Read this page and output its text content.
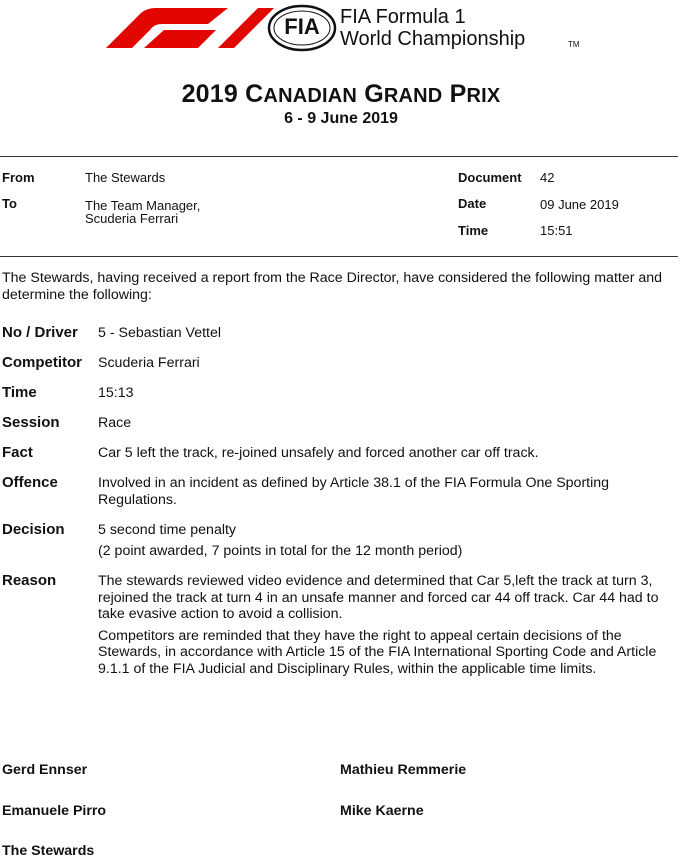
FIA	FIA Formula 1
World Championship	TM
2019 CANADIAN GRAND PRIX
6 - 9 June 2019
From	The Stewards
To	The Team Manager,
Scuderia Ferrari
Document 42
Date	09 June 2019
Time	15:51
The Stewards, having received a report from the Race Director, have considered the following matter and determine the following:
No / Driver 5 - Sebastian Vettel

Competitor Scuderia Ferrari

Time	15:13

Session	Race

Fact	Car 5 left the track, re-joined unsafely and forced another car off track.

Offence	Involved in an incident as defined by Article 38.1 of the FIA Formula One Sporting Regulations.

Decision 5 second time penalty

(2 point awarded, 7 points in total for the 12 month period)

Reason	The stewards reviewed video evidence and determined that Car 5,left the track at turn 3, rejoined the track at turn 4 in an unsafe manner and forced car 44 off track. Car 44 had to take evasive action to avoid a collision.

Competitors are reminded that they have the right to appeal certain decisions of the Stewards, in accordance with Article 15 of the FIA International Sporting Code and Article 9.1.1 of the FIA Judicial and Disciplinary Rules, within the applicable time limits.

Gerd Ennser	Mathieu Remmerie
Emanuele Pirro	Mike Kaerne
The Stewards
